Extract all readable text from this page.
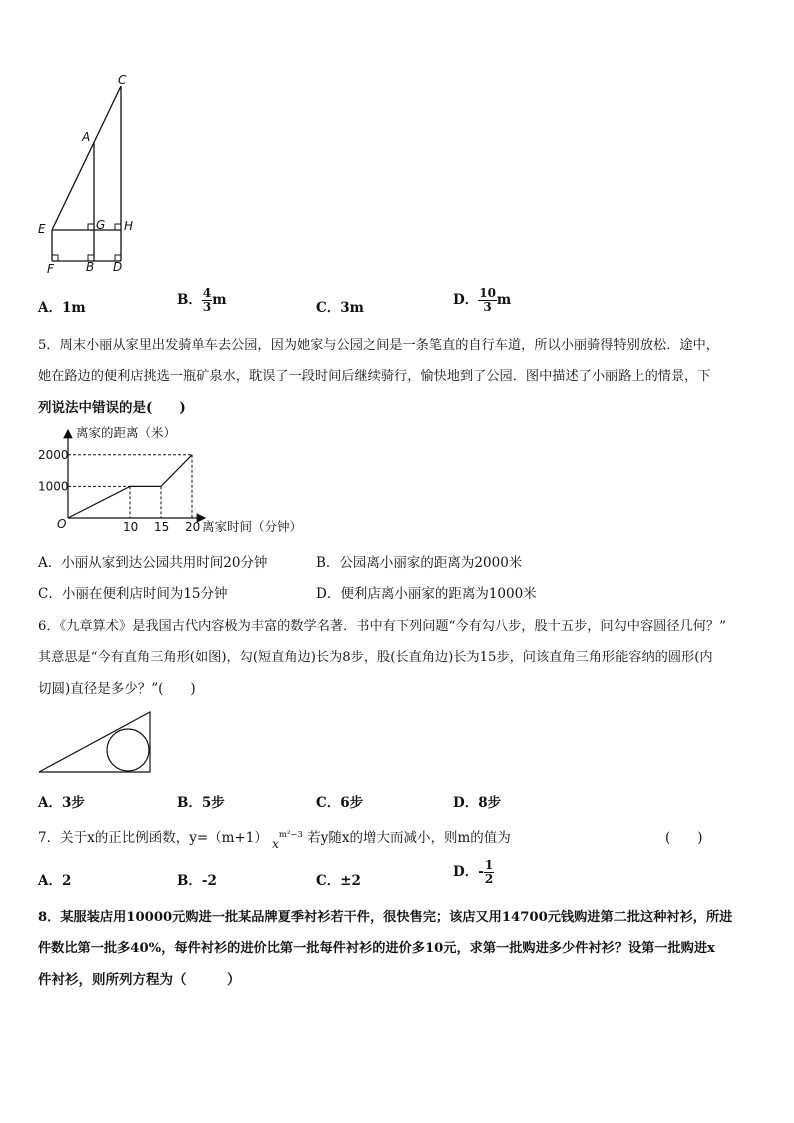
C
A
E	G H
F	B D
A．1m	B． $\frac{4}{3}$ m	C．3m	D． $\frac{10}{3}$ m
5．周末小丽从家里出发骑单车去公园，因为她家与公园之间是一条笔直的自行车道，所以小丽骑得特别放松．途中，
她在路边的便利店挑选一瓶矿泉水，耽误了一段时间后继续骑行，愉快地到了公园．图中描述了小丽路上的情景，下
列说法中错误的是(　　)
2000
1000
10 15 20
离家的距离（米）
离家时间（分钟）
O
A．小丽从家到达公园共用时间20分钟	B．公园离小丽家的距离为2000米
C．小丽在便利店时间为15分钟	D．便利店离小丽家的距离为1000米
6．《九章算术》是我国古代内容极为丰富的数学名著．书中有下列问题“今有勾八步，股十五步，问勾中容圆径几何？”
其意思是“今有直角三角形(如图)，勾(短直角边)长为8步，股(长直角边)长为15步，问该直角三角形能容纳的圆形(内
切圆)直径是多少？”(　　)
A．3步	B．5步	C．6步	D．8步
7．关于x的正比例函数，y=（m+1） $x^{m^2-3}$ 若y随x的增大而减小，则m的值为	(　　)
A．2	B．-2	C．±2
D．- $\frac{1}{2}$
8．某服装店用10000元购进一批某品牌夏季衬衫若干件，很快售完；该店又用14700元钱购进第二批这种衬衫，所进
件数比第一批多40%，每件衬衫的进价比第一批每件衬衫的进价多10元，求第一批购进多少件衬衫？设第一批购进x
件衬衫，则所列方程为（　　　）
